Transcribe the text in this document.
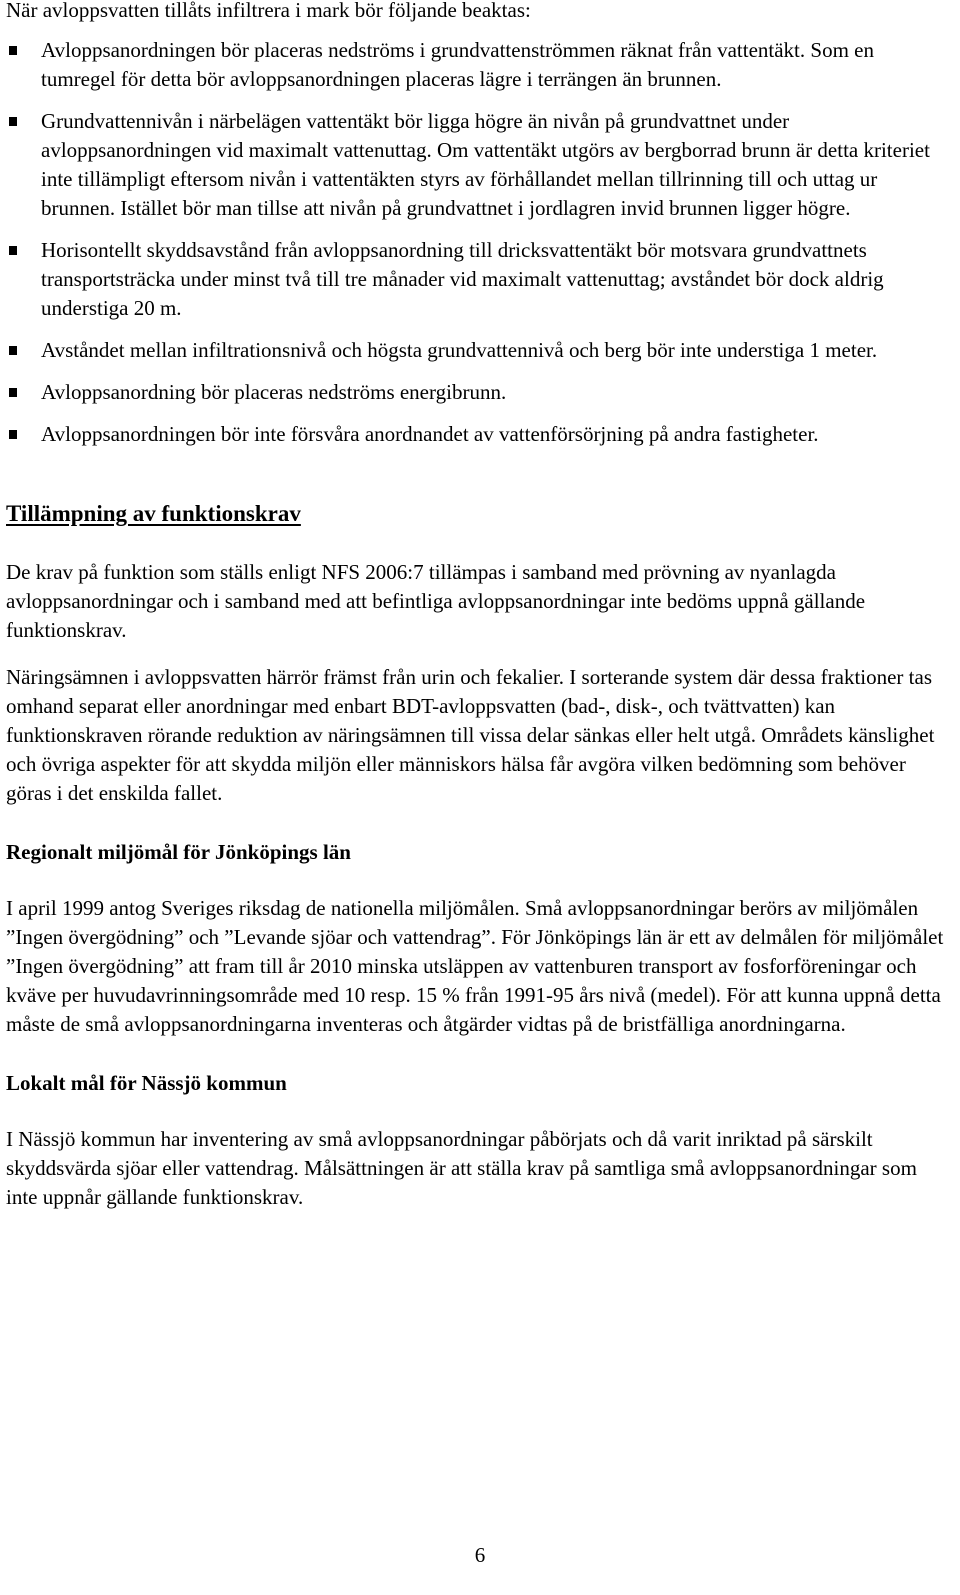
När avloppsvatten tillåts infiltrera i mark bör följande beaktas:

Avloppsanordningen bör placeras nedströms i grundvattenströmmen räknat från vattentäkt. Som en tumregel för detta bör avloppsanordningen placeras lägre i terrängen än brunnen.
Grundvattennivån i närbelägen vattentäkt bör ligga högre än nivån på grundvattnet under avloppsanordningen vid maximalt vattenuttag. Om vattentäkt utgörs av bergborrad brunn är detta kriteriet inte tillämpligt eftersom nivån i vattentäkten styrs av förhållandet mellan tillrinning till och uttag ur brunnen. Istället bör man tillse att nivån på grundvattnet i jordlagren invid brunnen ligger högre.
Horisontellt skyddsavstånd från avloppsanordning till dricksvattentäkt bör motsvara grundvattnets transportsträcka under minst två till tre månader vid maximalt vattenuttag; avståndet bör dock aldrig understiga 20 m.
Avståndet mellan infiltrationsnivå och högsta grundvattennivå och berg bör inte understiga 1 meter.
Avloppsanordning bör placeras nedströms energibrunn.
Avloppsanordningen bör inte försvåra anordnandet av vattenförsörjning på andra fastigheter.
Tillämpning av funktionskrav

De krav på funktion som ställs enligt NFS 2006:7 tillämpas i samband med prövning av nyanlagda avloppsanordningar och i samband med att befintliga avloppsanordningar inte bedöms uppnå gällande funktionskrav.

Näringsämnen i avloppsvatten härrör främst från urin och fekalier. I sorterande system där dessa fraktioner tas omhand separat eller anordningar med enbart BDT-avloppsvatten (bad-, disk-, och tvättvatten) kan funktionskraven rörande reduktion av näringsämnen till vissa delar sänkas eller helt utgå. Områdets känslighet och övriga aspekter för att skydda miljön eller människors hälsa får avgöra vilken bedömning som behöver göras i det enskilda fallet.

Regionalt miljömål för Jönköpings län

I april 1999 antog Sveriges riksdag de nationella miljömålen. Små avloppsanordningar berörs av miljömålen ”Ingen övergödning” och ”Levande sjöar och vattendrag”. För Jönköpings län är ett av delmålen för miljömålet ”Ingen övergödning” att fram till år 2010 minska utsläppen av vattenburen transport av fosforföreningar och kväve per huvudavrinningsområde med 10 resp. 15 % från 1991-95 års nivå (medel). För att kunna uppnå detta måste de små avloppsanordningarna inventeras och åtgärder vidtas på de bristfälliga anordningarna.

Lokalt mål för Nässjö kommun

I Nässjö kommun har inventering av små avloppsanordningar påbörjats och då varit inriktad på särskilt skyddsvärda sjöar eller vattendrag. Målsättningen är att ställa krav på samtliga små avloppsanordningar som inte uppnår gällande funktionskrav.

6
